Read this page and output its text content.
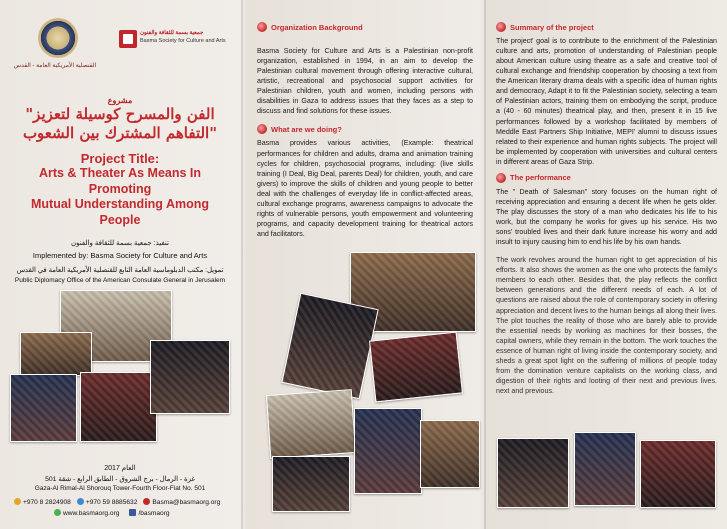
القنصلية الأمريكية العامة - القدس
جمعية بسمة للثقافة والفنون
Basma Society for Culture and Arts
مشروع
"الفن والمسرح كوسيلة لتعزيز
التفاهم المشترك بين الشعوب"
Project Title:
Arts & Theater As Means In Promoting
Mutual Understanding Among People
تنفيذ: جمعية بسمة للثقافة والفنون
Implemented by: Basma Society for Culture and Arts
تمويل: مكتب الدبلوماسية العامة التابع للقنصلية الأمريكية العامة في القدس
Public Diplomacy Office of the American Consulate General in Jerusalem
العام 2017
غزة - الرمال - برج الشروق - الطابق الرابع - شقة 501
Gaza-Al Rimal-Al Shorouq Tower-Fourth Floor-Flat No. 501
+970 8 2824908	+970 59 8885632	Basma@basmaorg.org
www.basmaorg.org	/basmaorg
Organization Background

Basma Society for Culture and Arts is a Palestinian non-profit organization, established in 1994, in an aim to develop the Palestinian cultural movement through offering interactive cultural, artistic, recreational and psychosocial support activities for Palestinian children, youth and women, including persons with disabilities in Gaza to address issues that they faces as a step to discuss and find solutions for these issues.

What are we doing?

Basma provides various activities, (Example: theatrical performances for children and adults, drama and animation training cycles for children, psychosocial programs, including: (live skills training (I Deal, Big Deal, parents Deal) for children, youth, and care givers) to improve the skills of children and young people to better deal with the challenges of everyday life in conflict-affected areas, cultural exchange programs, awareness campaigns to advocate the rights of vulnerable persons, youth empowerment and volunteering programs, and capacity development training for theatrical actors and facilitators.

Summary of the project

The project' goal is to contribute to the enrichment of the Palestinian culture and arts, promotion of understanding of Palestinian people about American culture using theatre as a safe and creative tool of cultural exchange and friendship cooperation by choosing a text from the American literary drama deals with a specific idea of human rights and democracy, Adapt it to fit the Palestinian society, selecting a team of Palestinian actors, training them on embodying the script, produce a (40 - 60 minutes) theatrical play, and then, present it in 15 live performances followed by a workshop facilitated by members of Meddle East Partners Ship Initiative, MEPI' alumni to discuss issues related to their experience and human rights subjects. The project will be implemented by cooperation with universities and cultural centers in different areas of Gaza Strip.

The performance

The " Death of Salesman" story focuses on the human right of receiving appreciation and ensuring a decent life when he gets older. The play discusses the story of a man who dedicates his life to his work, but the company he works for gives up his service. His two sons' troubled lives and their dark future increase his worry and add insult to injury causing him to end his life by his own hands.

The work revolves around the human right to get appreciation of his efforts. It also shows the women as the one who protects the family's members to each other. Besides that, the play reflects the conflict between generations and the different needs of each. A lot of questions are raised about the role of contemporary society in offering appreciation and decent lives to the human beings all along their lives. The plot touches the reality of those who are barely able to provide the essential needs by working as machines for their bosses, the capital owners, while they remain in the bottom. The work touches the essence of human right of living inside the contemporary society, and sheds a great spot light on the suffering of millions of people today from the domination venture capitalists on the working class, and digestion of their rights and looting of their next and previous lives. next and previous.
